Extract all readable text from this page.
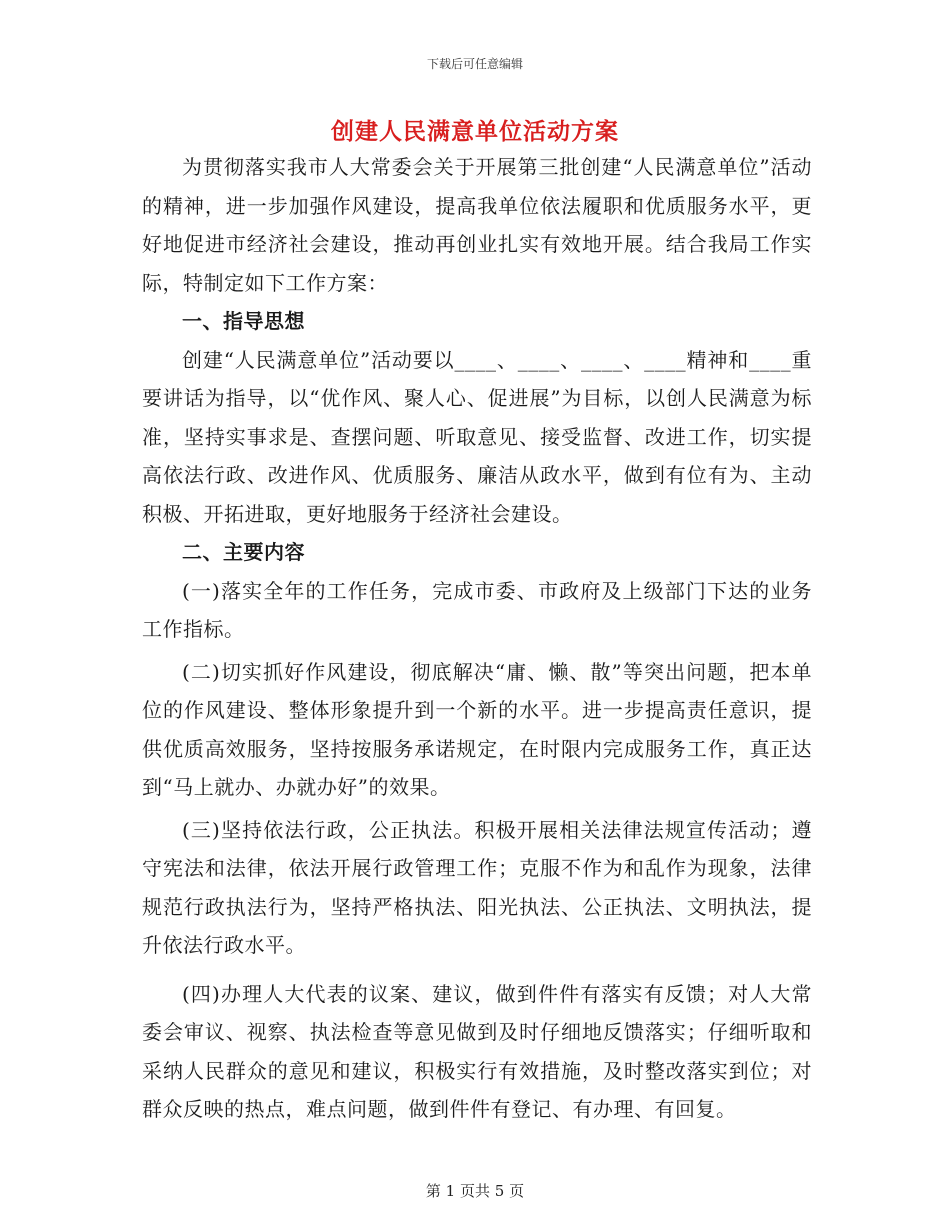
下载后可任意编辑
创建人民满意单位活动方案

为贯彻落实我市人大常委会关于开展第三批创建“人民满意单位”活动的精神，进一步加强作风建设，提高我单位依法履职和优质服务水平，更好地促进市经济社会建设，推动再创业扎实有效地开展。结合我局工作实际，特制定如下工作方案：

一、指导思想

创建“人民满意单位”活动要以____、____、____、____精神和____重要讲话为指导，以“优作风、聚人心、促进展”为目标，以创人民满意为标准，坚持实事求是、查摆问题、听取意见、接受监督、改进工作，切实提高依法行政、改进作风、优质服务、廉洁从政水平，做到有位有为、主动积极、开拓进取，更好地服务于经济社会建设。

二、主要内容

(一)落实全年的工作任务，完成市委、市政府及上级部门下达的业务工作指标。

(二)切实抓好作风建设，彻底解决“庸、懒、散”等突出问题，把本单位的作风建设、整体形象提升到一个新的水平。进一步提高责任意识，提供优质高效服务，坚持按服务承诺规定，在时限内完成服务工作，真正达到“马上就办、办就办好”的效果。

(三)坚持依法行政，公正执法。积极开展相关法律法规宣传活动；遵守宪法和法律，依法开展行政管理工作；克服不作为和乱作为现象，法律规范行政执法行为，坚持严格执法、阳光执法、公正执法、文明执法，提升依法行政水平。

(四)办理人大代表的议案、建议，做到件件有落实有反馈；对人大常委会审议、视察、执法检查等意见做到及时仔细地反馈落实；仔细听取和采纳人民群众的意见和建议，积极实行有效措施，及时整改落实到位；对群众反映的热点，难点问题，做到件件有登记、有办理、有回复。

第 1 页共 5 页
